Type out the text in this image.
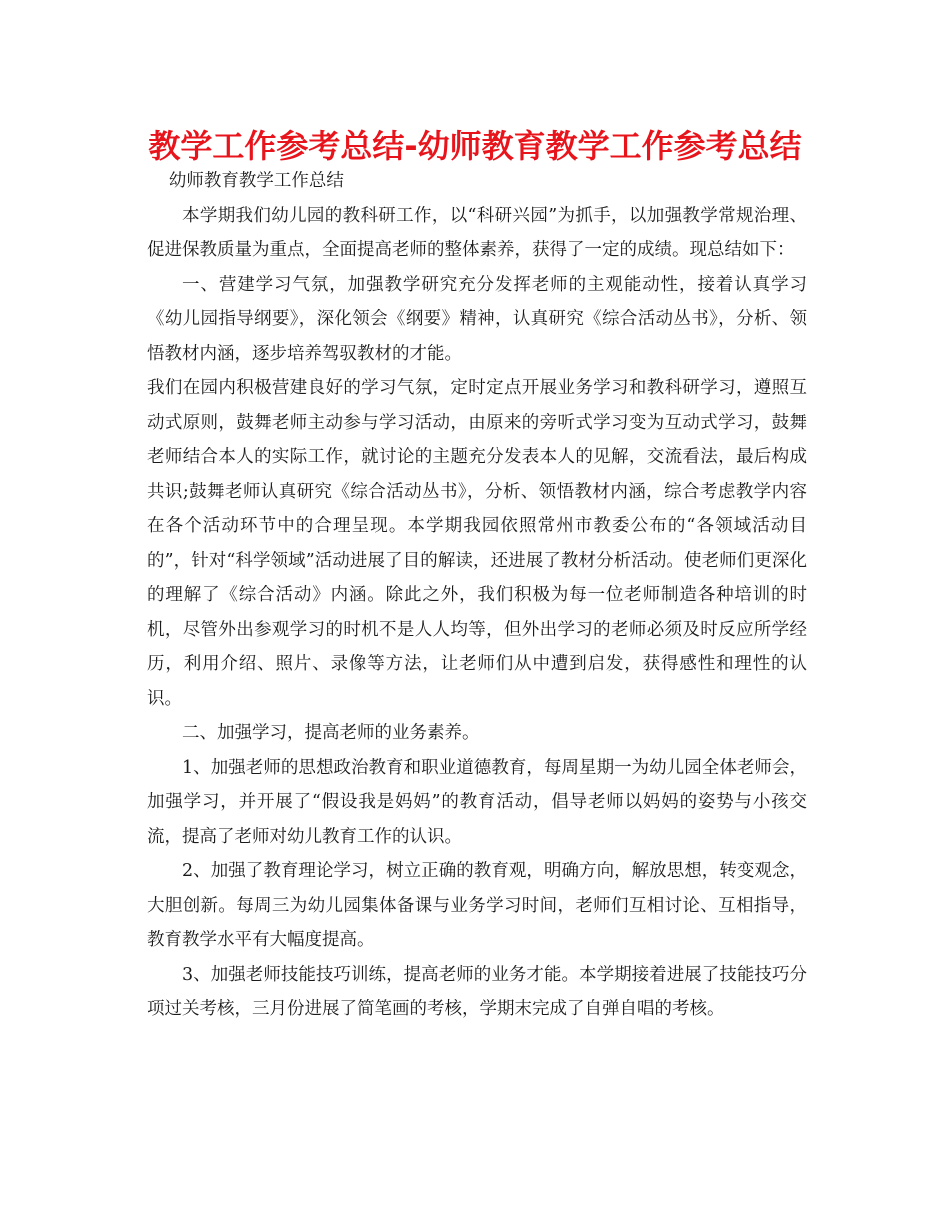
教学工作参考总结-幼师教育教学工作参考总结

幼师教育教学工作总结

本学期我们幼儿园的教科研工作，以“科研兴园”为抓手，以加强教学常规治理、促进保教质量为重点，全面提高老师的整体素养，获得了一定的成绩。现总结如下：

一、营建学习气氛，加强教学研究充分发挥老师的主观能动性，接着认真学习《幼儿园指导纲要》，深化领会《纲要》精神，认真研究《综合活动丛书》，分析、领悟教材内涵，逐步培养驾驭教材的才能。

我们在园内积极营建良好的学习气氛，定时定点开展业务学习和教科研学习，遵照互动式原则，鼓舞老师主动参与学习活动，由原来的旁听式学习变为互动式学习，鼓舞老师结合本人的实际工作，就讨论的主题充分发表本人的见解，交流看法，最后构成共识;鼓舞老师认真研究《综合活动丛书》，分析、领悟教材内涵，综合考虑教学内容在各个活动环节中的合理呈现。本学期我园依照常州市教委公布的“各领域活动目的”，针对“科学领域”活动进展了目的解读，还进展了教材分析活动。使老师们更深化的理解了《综合活动》内涵。除此之外，我们积极为每一位老师制造各种培训的时机，尽管外出参观学习的时机不是人人均等，但外出学习的老师必须及时反应所学经历，利用介绍、照片、录像等方法，让老师们从中遭到启发，获得感性和理性的认识。

二、加强学习，提高老师的业务素养。

1、加强老师的思想政治教育和职业道德教育，每周星期一为幼儿园全体老师会，加强学习，并开展了“假设我是妈妈”的教育活动，倡导老师以妈妈的姿势与小孩交流，提高了老师对幼儿教育工作的认识。

2、加强了教育理论学习，树立正确的教育观，明确方向，解放思想，转变观念，大胆创新。每周三为幼儿园集体备课与业务学习时间，老师们互相讨论、互相指导，教育教学水平有大幅度提高。

3、加强老师技能技巧训练，提高老师的业务才能。本学期接着进展了技能技巧分项过关考核，三月份进展了简笔画的考核，学期末完成了自弹自唱的考核。
